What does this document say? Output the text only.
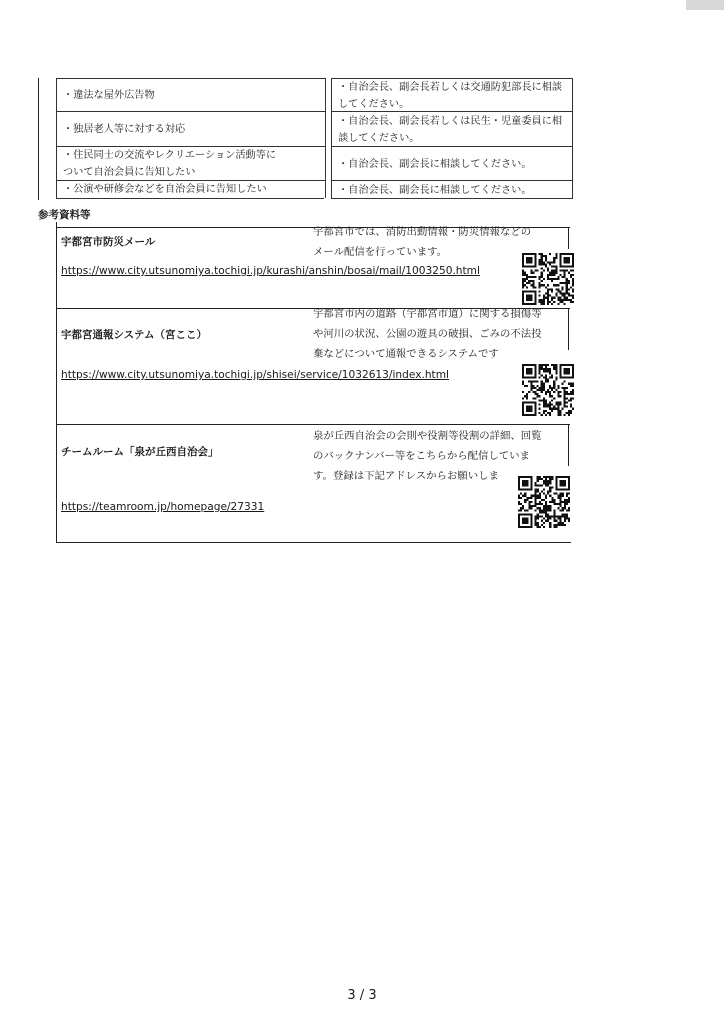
・違法な屋外広告物
・自治会長、副会長若しくは交通防犯部長に相談
してください。
・独居老人等に対する対応
・自治会長、副会長若しくは民生・児童委員に相
談してください。
・住民同士の交流やレクリエーション活動等に
ついて自治会員に告知したい
・自治会長、副会長に相談してください。
・公演や研修会などを自治会員に告知したい	・自治会長、副会長に相談してください。
参考資料等
宇都宮市防災メール
宇都宮市では、消防出動情報・防災情報などの
メール配信を行っています。
https://www.city.utsunomiya.tochigi.jp/kurashi/anshin/bosai/mail/1003250.html
宇都宮通報システム（宮ここ）
宇都宮市内の道路（宇都宮市道）に関する損傷等
や河川の状況、公園の遊具の破損、ごみの不法投
棄などについて通報できるシステムです
https://www.city.utsunomiya.tochigi.jp/shisei/service/1032613/index.html
チームルーム「泉が丘西自治会」
泉が丘西自治会の会則や役割等役割の詳細、回覧
のバックナンバー等をこちらから配信していま
す。登録は下記アドレスからお願いしま
https://teamroom.jp/homepage/27331
3 / 3
